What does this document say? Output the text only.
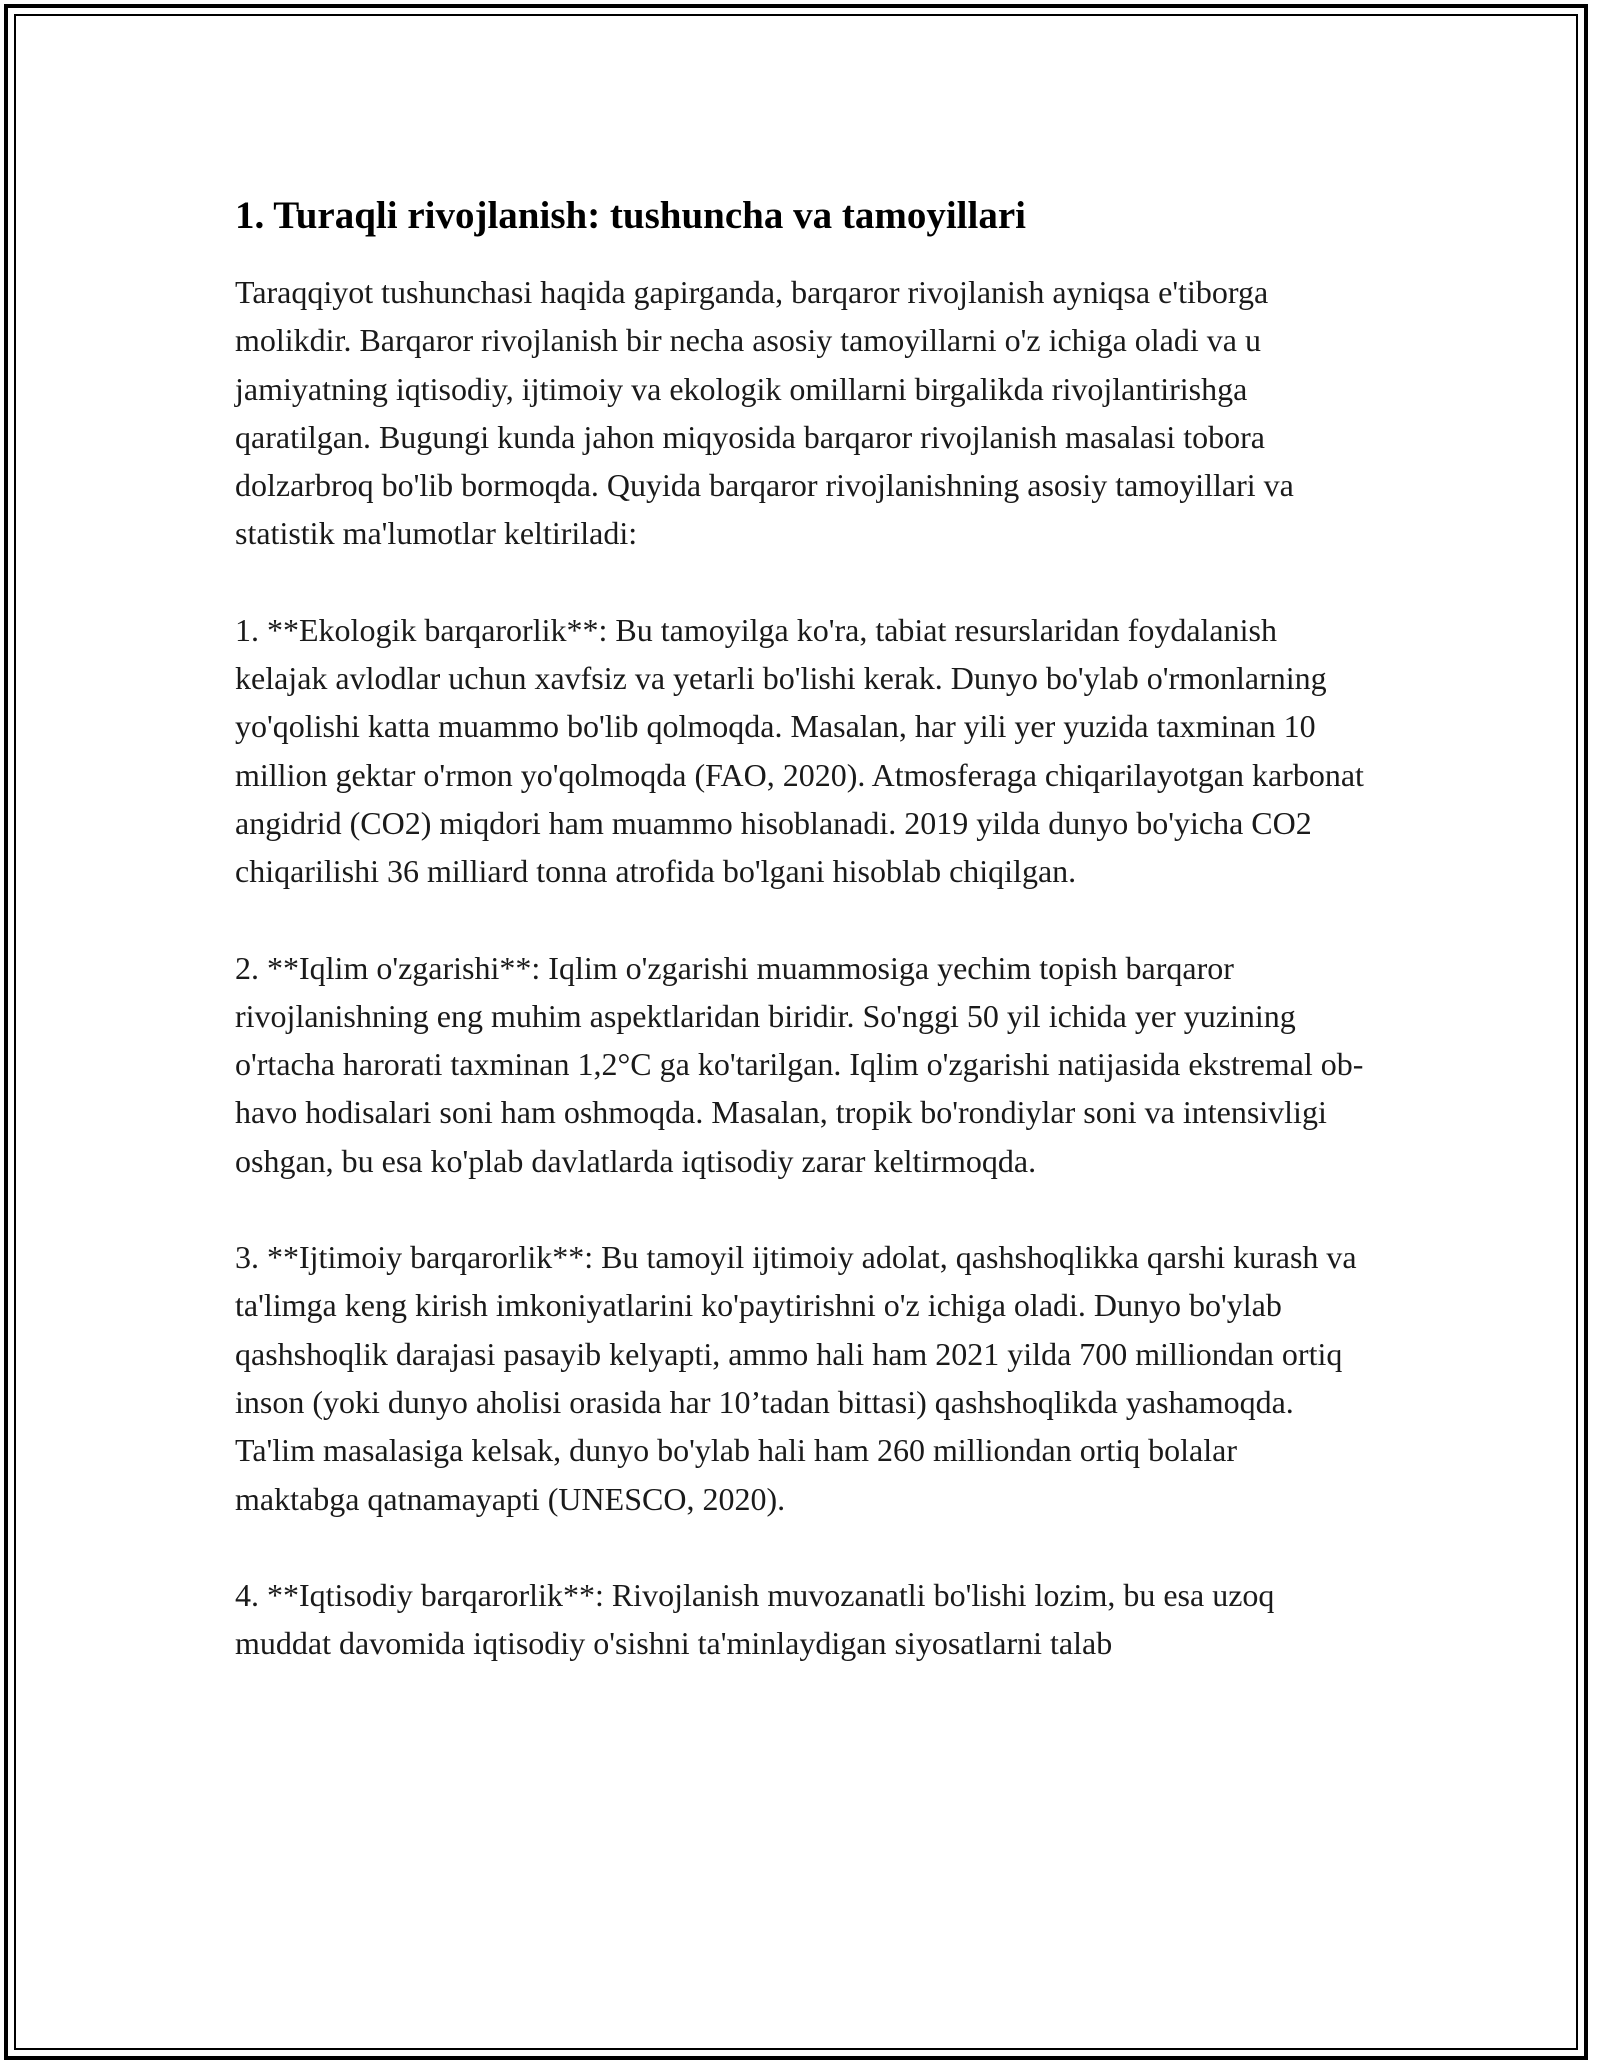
1. Turaqli rivojlanish: tushuncha va tamoyillari

Taraqqiyot tushunchasi haqida gapirganda, barqaror rivojlanish ayniqsa e'tiborga molikdir. Barqaror rivojlanish bir necha asosiy tamoyillarni o'z ichiga oladi va u jamiyatning iqtisodiy, ijtimoiy va ekologik omillarni birgalikda rivojlantirishga qaratilgan. Bugungi kunda jahon miqyosida barqaror rivojlanish masalasi tobora dolzarbroq bo'lib bormoqda. Quyida barqaror rivojlanishning asosiy tamoyillari va statistik ma'lumotlar keltiriladi:

1. **Ekologik barqarorlik**: Bu tamoyilga ko'ra, tabiat resurslaridan foydalanish kelajak avlodlar uchun xavfsiz va yetarli bo'lishi kerak. Dunyo bo'ylab o'rmonlarning yo'qolishi katta muammo bo'lib qolmoqda. Masalan, har yili yer yuzida taxminan 10 million gektar o'rmon yo'qolmoqda (FAO, 2020). Atmosferaga chiqarilayotgan karbonat angidrid (CO2) miqdori ham muammo hisoblanadi. 2019 yilda dunyo bo'yicha CO2 chiqarilishi 36 milliard tonna atrofida bo'lgani hisoblab chiqilgan.

2. **Iqlim o'zgarishi**: Iqlim o'zgarishi muammosiga yechim topish barqaror rivojlanishning eng muhim aspektlaridan biridir. So'nggi 50 yil ichida yer yuzining o'rtacha harorati taxminan 1,2°C ga ko'tarilgan. Iqlim o'zgarishi natijasida ekstremal ob-havo hodisalari soni ham oshmoqda. Masalan, tropik bo'rondiylar soni va intensivligi oshgan, bu esa ko'plab davlatlarda iqtisodiy zarar keltirmoqda.

3. **Ijtimoiy barqarorlik**: Bu tamoyil ijtimoiy adolat, qashshoqlikka qarshi kurash va ta'limga keng kirish imkoniyatlarini ko'paytirishni o'z ichiga oladi. Dunyo bo'ylab qashshoqlik darajasi pasayib kelyapti, ammo hali ham 2021 yilda 700 milliondan ortiq inson (yoki dunyo aholisi orasida har 10’tadan bittasi) qashshoqlikda yashamoqda. Ta'lim masalasiga kelsak, dunyo bo'ylab hali ham 260 milliondan ortiq bolalar maktabga qatnamayapti (UNESCO, 2020).

4. **Iqtisodiy barqarorlik**: Rivojlanish muvozanatli bo'lishi lozim, bu esa uzoq muddat davomida iqtisodiy o'sishni ta'minlaydigan siyosatlarni talab
